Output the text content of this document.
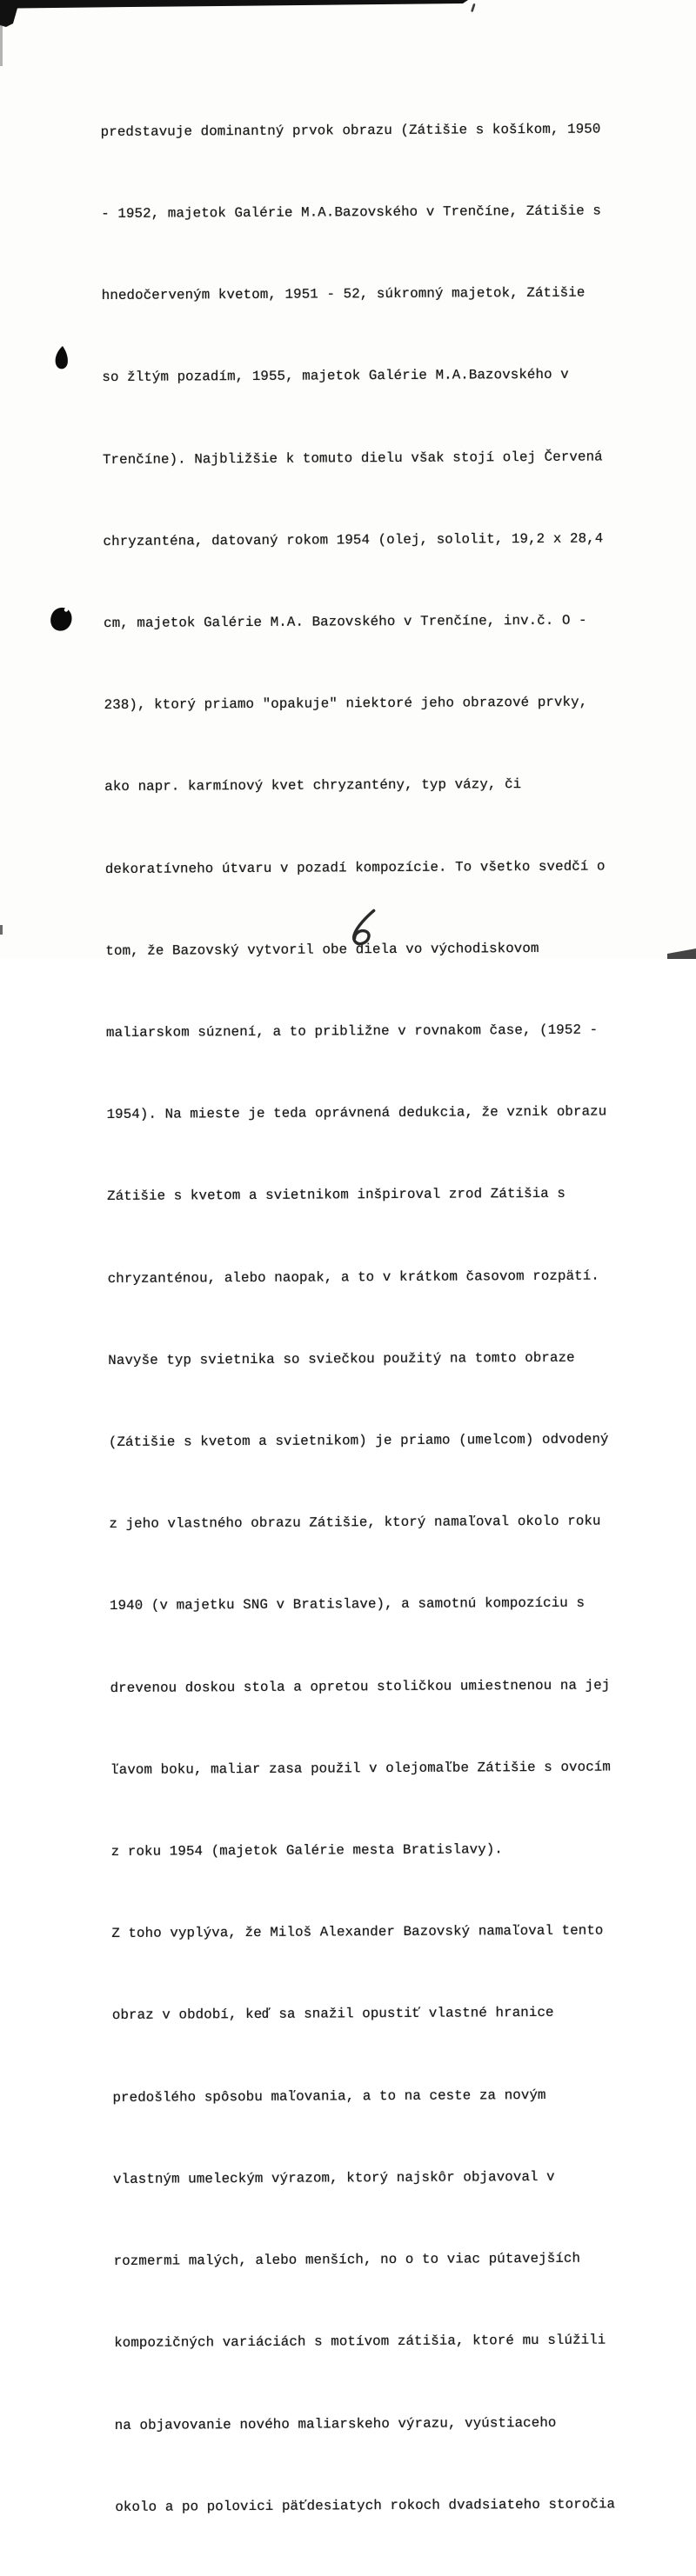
predstavuje dominantný prvok obrazu (Zátišie s košíkom, 1950

- 1952, majetok Galérie M.A.Bazovského v Trenčíne, Zátišie s

hnedočerveným kvetom, 1951 - 52, súkromný majetok, Zátišie

so žltým pozadím, 1955, majetok Galérie M.A.Bazovského v

Trenčíne). Najbližšie k tomuto dielu však stojí olej Červená

chryzanténa, datovaný rokom 1954 (olej, sololit, 19,2 x 28,4

cm, majetok Galérie M.A. Bazovského v Trenčíne, inv.č. O -

238), ktorý priamo "opakuje" niektoré jeho obrazové prvky,

ako napr. karmínový kvet chryzantény, typ vázy, či

dekoratívneho útvaru v pozadí kompozície. To všetko svedčí o

tom, že Bazovský vytvoril obe diela vo východiskovom

maliarskom súznení, a to približne v rovnakom čase, (1952 -

1954). Na mieste je teda oprávnená dedukcia, že vznik obrazu

Zátišie s kvetom a svietnikom inšpiroval zrod Zátišia s

chryzanténou, alebo naopak, a to v krátkom časovom rozpätí.

Navyše typ svietnika so sviečkou použitý na tomto obraze

(Zátišie s kvetom a svietnikom) je priamo (umelcom) odvodený

z jeho vlastného obrazu Zátišie, ktorý namaľoval okolo roku

1940 (v majetku SNG v Bratislave), a samotnú kompozíciu s

drevenou doskou stola a opretou stoličkou umiestnenou na jej

ľavom boku, maliar zasa použil v olejomaľbe Zátišie s ovocím

z roku 1954 (majetok Galérie mesta Bratislavy).

Z toho vyplýva, že Miloš Alexander Bazovský namaľoval tento

obraz v období, keď sa snažil opustiť vlastné hranice

predošlého spôsobu maľovania, a to na ceste za novým

vlastným umeleckým výrazom, ktorý najskôr objavoval v

rozmermi malých, alebo menších, no o to viac pútavejších

kompozičných variáciách s motívom zátišia, ktoré mu slúžili

na objavovanie nového maliarskeho výrazu, vyústiaceho

okolo a po polovici päťdesiatych rokoch dvadsiateho storočia
